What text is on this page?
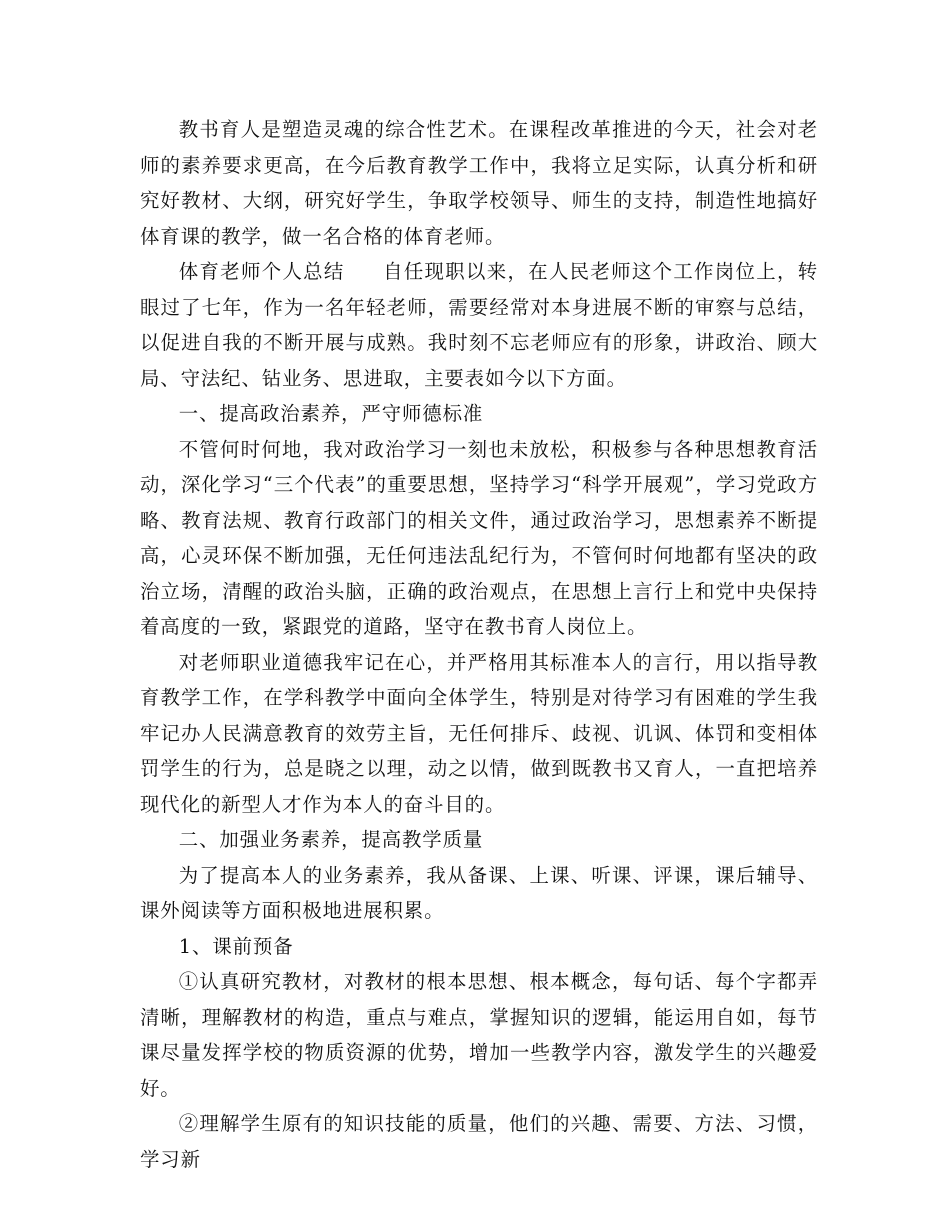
教书育人是塑造灵魂的综合性艺术。在课程改革推进的今天，社会对老师的素养要求更高，在今后教育教学工作中，我将立足实际，认真分析和研究好教材、大纲，研究好学生，争取学校领导、师生的支持，制造性地搞好体育课的教学，做一名合格的体育老师。

体育老师个人总结 自任现职以来，在人民老师这个工作岗位上，转眼过了七年，作为一名年轻老师，需要经常对本身进展不断的审察与总结，以促进自我的不断开展与成熟。我时刻不忘老师应有的形象，讲政治、顾大局、守法纪、钻业务、思进取，主要表如今以下方面。

一、提高政治素养，严守师德标准

不管何时何地，我对政治学习一刻也未放松，积极参与各种思想教育活动，深化学习“三个代表”的重要思想，坚持学习“科学开展观”，学习党政方略、教育法规、教育行政部门的相关文件，通过政治学习，思想素养不断提高，心灵环保不断加强，无任何违法乱纪行为，不管何时何地都有坚决的政治立场，清醒的政治头脑，正确的政治观点，在思想上言行上和党中央保持着高度的一致，紧跟党的道路，坚守在教书育人岗位上。

对老师职业道德我牢记在心，并严格用其标准本人的言行，用以指导教育教学工作，在学科教学中面向全体学生，特别是对待学习有困难的学生我牢记办人民满意教育的效劳主旨，无任何排斥、歧视、讥讽、体罚和变相体罚学生的行为，总是晓之以理，动之以情，做到既教书又育人，一直把培养现代化的新型人才作为本人的奋斗目的。

二、加强业务素养，提高教学质量

为了提高本人的业务素养，我从备课、上课、听课、评课，课后辅导、课外阅读等方面积极地进展积累。

1、课前预备

①认真研究教材，对教材的根本思想、根本概念，每句话、每个字都弄清晰，理解教材的构造，重点与难点，掌握知识的逻辑，能运用自如，每节课尽量发挥学校的物质资源的优势，增加一些教学内容，激发学生的兴趣爱好。

②理解学生原有的知识技能的质量，他们的兴趣、需要、方法、习惯，学习新
